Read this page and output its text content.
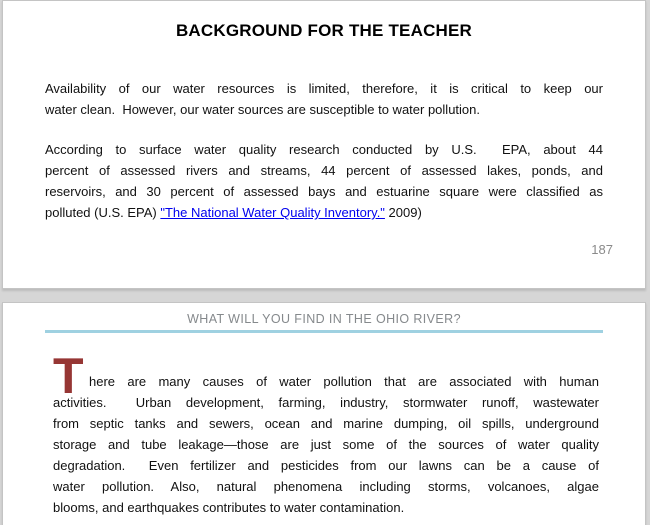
BACKGROUND FOR THE TEACHER
Availability of our water resources is limited, therefore, it is critical to keep our
water clean.  However, our water sources are susceptible to water pollution.
According to surface water quality research conducted by U.S.  EPA, about 44
percent of assessed rivers and streams, 44 percent of assessed lakes, ponds, and
reservoirs, and 30 percent of assessed bays and estuarine square were classified as
polluted (U.S. EPA) "The National Water Quality Inventory." 2009)
187
WHAT WILL YOU FIND IN THE OHIO RIVER?
T here are many causes of water pollution that are associated with human
activities.  Urban development, farming, industry, stormwater runoff, wastewater
from septic tanks and sewers, ocean and marine dumping, oil spills, underground
storage and tube leakage—those are just some of the sources of water quality
degradation.  Even fertilizer and pesticides from our lawns can be a cause of
water pollution. Also, natural phenomena including storms, volcanoes, algae
blooms, and earthquakes contributes to water contamination.
